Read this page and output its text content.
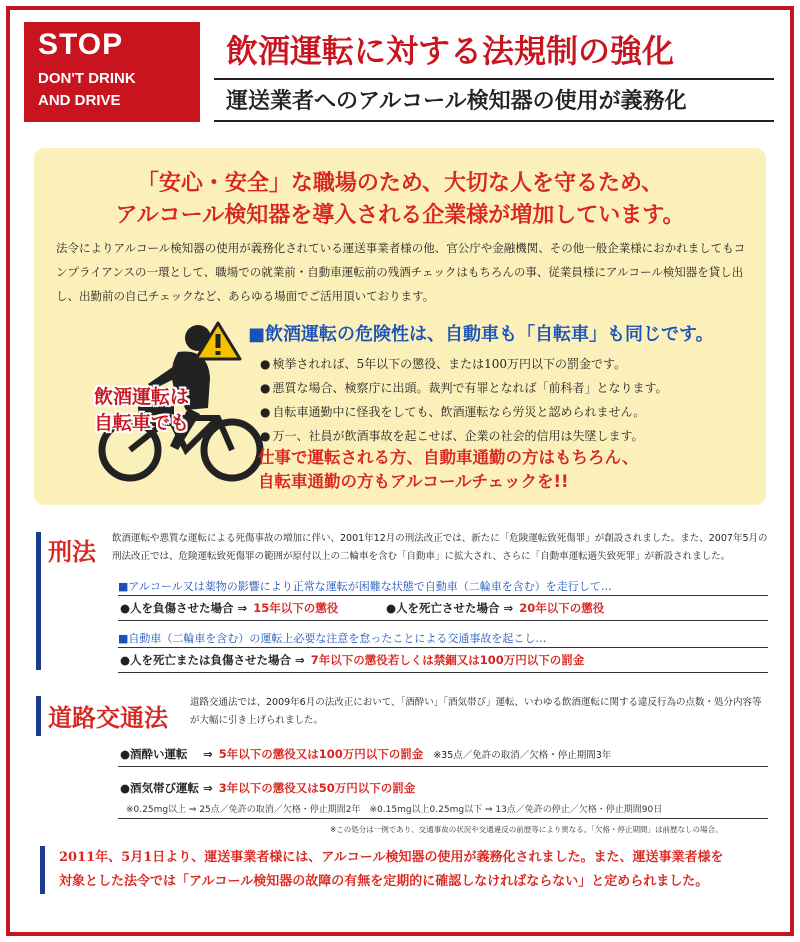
STOP
DON'T DRINK
AND DRIVE
飲酒運転に対する法規制の強化
運送業者へのアルコール検知器の使用が義務化
「安心・安全」な職場のため、大切な人を守るため、
アルコール検知器を導入される企業様が増加しています。
法令によりアルコール検知器の使用が義務化されている運送事業者様の他、官公庁や金融機関、その他一般企業様におかれましてもコンプライアンスの一環として、職場での就業前・自動車運転前の残酒チェックはもちろんの事、従業員様にアルコール検知器を貸し出し、出勤前の自己チェックなど、あらゆる場面でご活用頂いております。
飲酒運転は
自転車でも
■飲酒運転の危険性は、自動車も「自転車」も同じです。
● 検挙されれば、5年以下の懲役、または100万円以下の罰金です。
● 悪質な場合、検察庁に出頭。裁判で有罪となれば「前科者」となります。
● 自転車通勤中に怪我をしても、飲酒運転なら労災と認められません。
● 万一、社員が飲酒事故を起こせば、企業の社会的信用は失墜します。
仕事で運転される方、自動車通勤の方はもちろん、
自転車通勤の方もアルコールチェックを!!
刑法 飲酒運転や悪質な運転による死傷事故の増加に伴い、2001年12月の刑法改正では、新たに「危険運転致死傷罪」が創設されました。また、2007年5月の刑法改正では、危険運転致死傷罪の範囲が原付以上の二輪車を含む「自動車」に拡大され、さらに「自動車運転過失致死罪」が新設されました。
■アルコール又は薬物の影響により正常な運転が困難な状態で自動車（二輪車を含む）を走行して…
●人を負傷させた場合 ⇒ 15年以下の懲役	●人を死亡させた場合 ⇒ 20年以下の懲役
■自動車（二輪車を含む）の運転上必要な注意を怠ったことによる交通事故を起こし…
●人を死亡または負傷させた場合 ⇒ 7年以下の懲役若しくは禁錮又は100万円以下の罰金
道路交通法
道路交通法では、2009年6月の法改正において、「酒酔い」「酒気帯び」運転、いわゆる飲酒運転に関する違反行為の点数・処分内容等が大幅に引き上げられました。
●酒酔い運転　 ⇒ 5年以下の懲役又は100万円以下の罰金 ※35点／免許の取消／欠格・停止期間3年
●酒気帯び運転 ⇒ 3年以下の懲役又は50万円以下の罰金
※0.25mg以上 ⇒ 25点／免許の取消／欠格・停止期間2年　※0.15mg以上0.25mg以下 ⇒ 13点／免許の停止／欠格・停止期間90日
※この処分は一例であり、交通事故の状況や交通違反の前歴等により異なる。「欠格・停止期間」は前歴なしの場合。
2011年、5月1日より、運送事業者様には、アルコール検知器の使用が義務化されました。また、運送事業者様を
対象とした法令では「アルコール検知器の故障の有無を定期的に確認しなければならない」と定められました。
